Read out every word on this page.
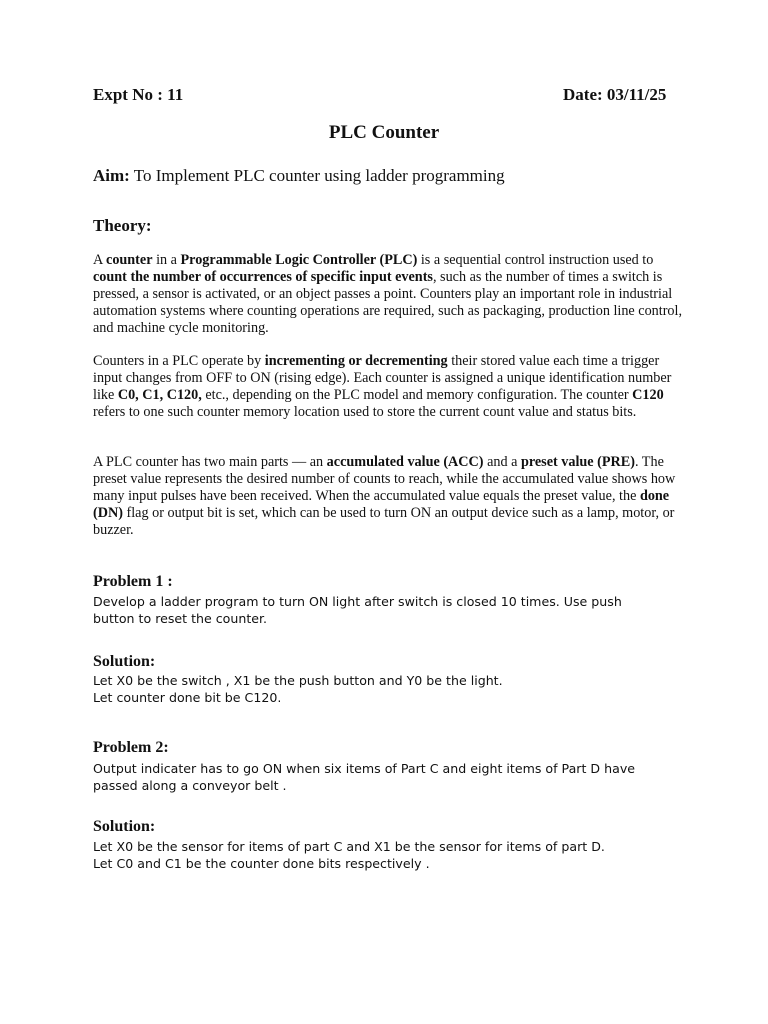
Expt No : 11	Date: 03/11/25
PLC Counter
Aim: To Implement PLC counter using ladder programming
Theory:
A counter in a Programmable Logic Controller (PLC) is a sequential control instruction used to count the number of occurrences of specific input events, such as the number of times a switch is pressed, a sensor is activated, or an object passes a point. Counters play an important role in industrial automation systems where counting operations are required, such as packaging, production line control, and machine cycle monitoring.
Counters in a PLC operate by incrementing or decrementing their stored value each time a trigger input changes from OFF to ON (rising edge). Each counter is assigned a unique identification number like C0, C1, C120, etc., depending on the PLC model and memory configuration. The counter C120 refers to one such counter memory location used to store the current count value and status bits.
A PLC counter has two main parts — an accumulated value (ACC) and a preset value (PRE). The preset value represents the desired number of counts to reach, while the accumulated value shows how many input pulses have been received. When the accumulated value equals the preset value, the done (DN) flag or output bit is set, which can be used to turn ON an output device such as a lamp, motor, or buzzer.
Problem 1 :
Develop a ladder program to turn ON light after switch is closed 10 times. Use push
button to reset the counter.
Solution:
Let X0 be the switch , X1 be the push button and Y0 be the light.
Let counter done bit be C120.
Problem 2:
Output indicater has to go ON when six items of Part C and eight items of Part D have
passed along a conveyor belt .
Solution:
Let X0 be the sensor for items of part C and X1 be the sensor for items of part D.
Let C0 and C1 be the counter done bits respectively .
